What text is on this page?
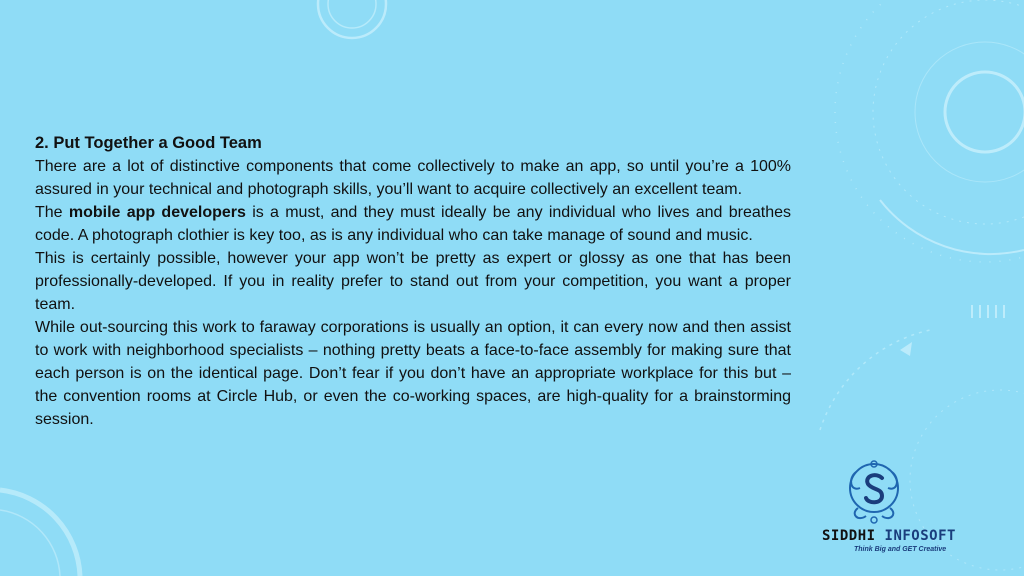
2. Put Together a Good Team

There are a lot of distinctive components that come collectively to make an app, so until you’re a 100% assured in your technical and photograph skills, you’ll want to acquire collectively an excellent team.

The mobile app developers is a must, and they must ideally be any individual who lives and breathes code. A photograph clothier is key too, as is any individual who can take manage of sound and music.

This is certainly possible, however your app won’t be pretty as expert or glossy as one that has been professionally-developed. If you in reality prefer to stand out from your competition, you want a proper team.

While out-sourcing this work to faraway corporations is usually an option, it can every now and then assist to work with neighborhood specialists – nothing pretty beats a face-to-face assembly for making sure that each person is on the identical page. Don’t fear if you don’t have an appropriate workplace for this but – the convention rooms at Circle Hub, or even the co-working spaces, are high-quality for a brainstorming session.

SIDDHI INFOSOFT
Think Big and GET Creative
